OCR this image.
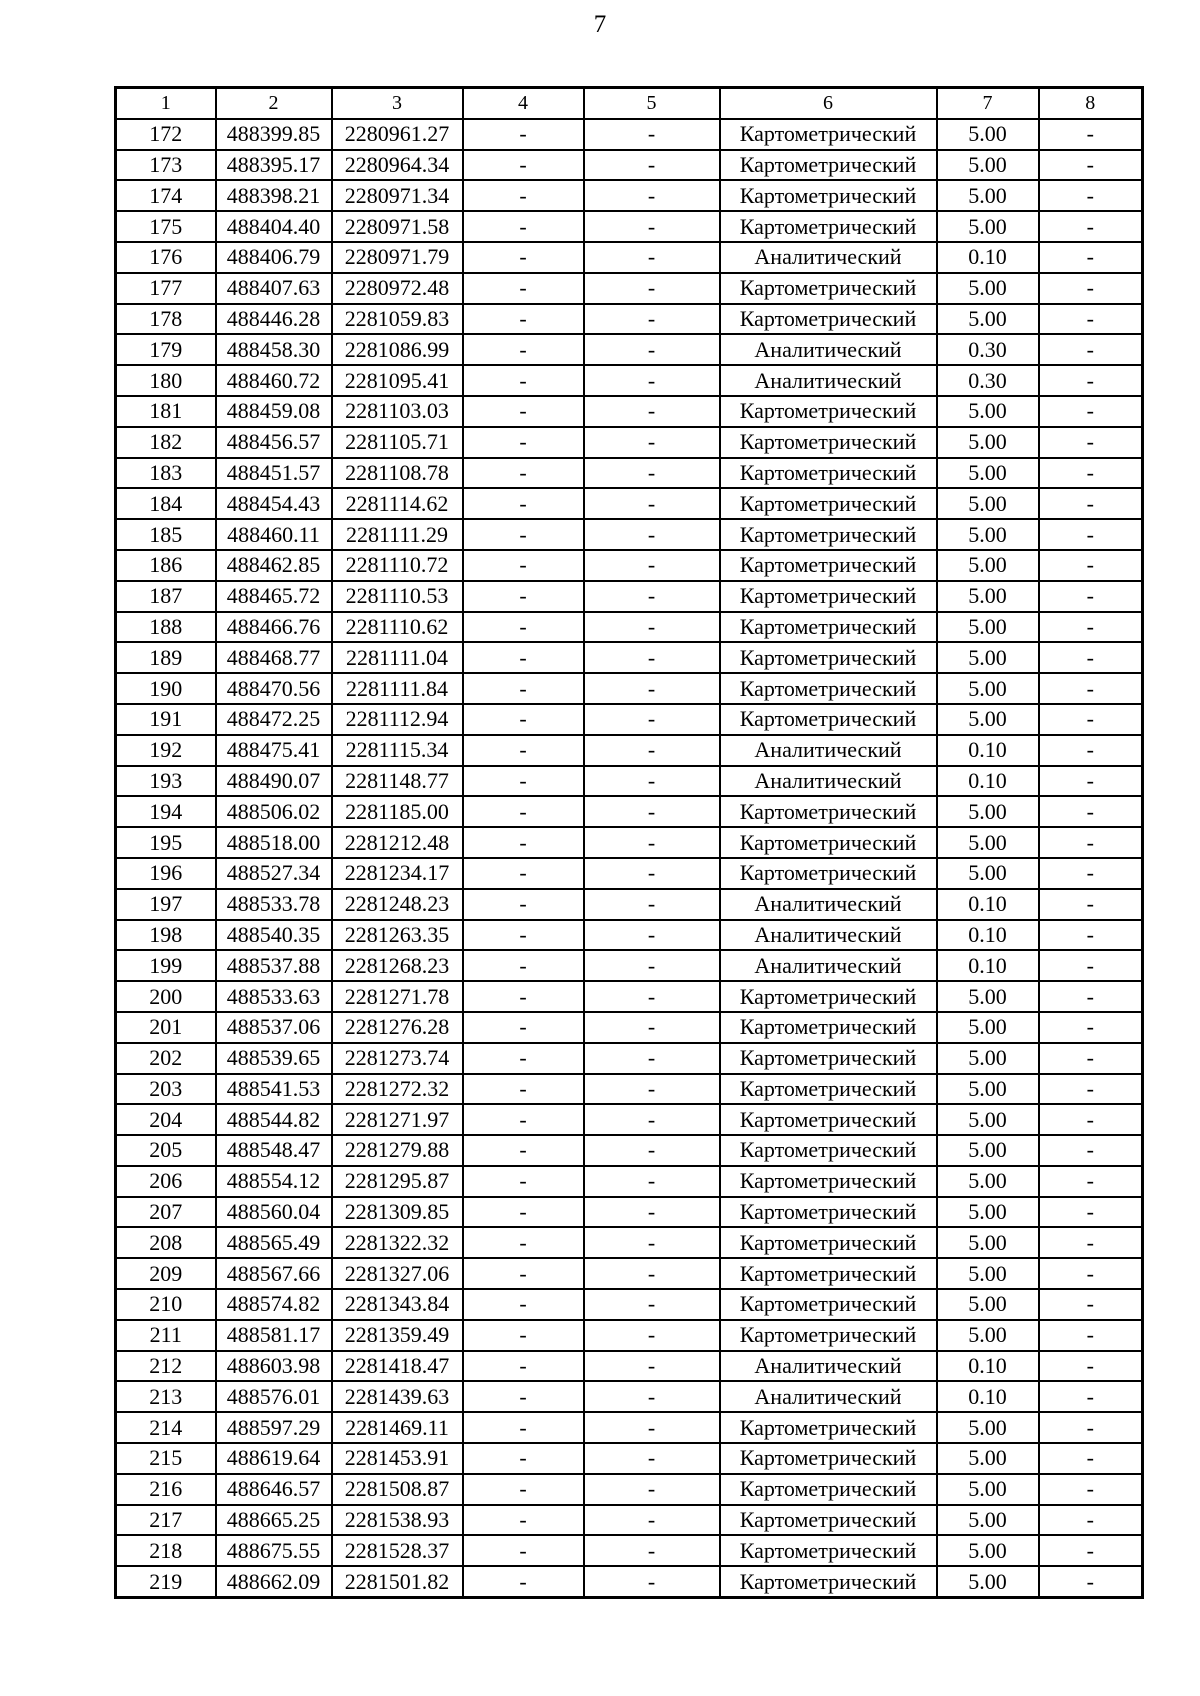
7
1	2	3	4	5	6	7	8
172	488399.85	2280961.27	-	-	Картометрический	5.00	-
173	488395.17	2280964.34	-	-	Картометрический	5.00	-
174	488398.21	2280971.34	-	-	Картометрический	5.00	-
175	488404.40	2280971.58	-	-	Картометрический	5.00	-
176	488406.79	2280971.79	-	-	Аналитический	0.10	-
177	488407.63	2280972.48	-	-	Картометрический	5.00	-
178	488446.28	2281059.83	-	-	Картометрический	5.00	-
179	488458.30	2281086.99	-	-	Аналитический	0.30	-
180	488460.72	2281095.41	-	-	Аналитический	0.30	-
181	488459.08	2281103.03	-	-	Картометрический	5.00	-
182	488456.57	2281105.71	-	-	Картометрический	5.00	-
183	488451.57	2281108.78	-	-	Картометрический	5.00	-
184	488454.43	2281114.62	-	-	Картометрический	5.00	-
185	488460.11	2281111.29	-	-	Картометрический	5.00	-
186	488462.85	2281110.72	-	-	Картометрический	5.00	-
187	488465.72	2281110.53	-	-	Картометрический	5.00	-
188	488466.76	2281110.62	-	-	Картометрический	5.00	-
189	488468.77	2281111.04	-	-	Картометрический	5.00	-
190	488470.56	2281111.84	-	-	Картометрический	5.00	-
191	488472.25	2281112.94	-	-	Картометрический	5.00	-
192	488475.41	2281115.34	-	-	Аналитический	0.10	-
193	488490.07	2281148.77	-	-	Аналитический	0.10	-
194	488506.02	2281185.00	-	-	Картометрический	5.00	-
195	488518.00	2281212.48	-	-	Картометрический	5.00	-
196	488527.34	2281234.17	-	-	Картометрический	5.00	-
197	488533.78	2281248.23	-	-	Аналитический	0.10	-
198	488540.35	2281263.35	-	-	Аналитический	0.10	-
199	488537.88	2281268.23	-	-	Аналитический	0.10	-
200	488533.63	2281271.78	-	-	Картометрический	5.00	-
201	488537.06	2281276.28	-	-	Картометрический	5.00	-
202	488539.65	2281273.74	-	-	Картометрический	5.00	-
203	488541.53	2281272.32	-	-	Картометрический	5.00	-
204	488544.82	2281271.97	-	-	Картометрический	5.00	-
205	488548.47	2281279.88	-	-	Картометрический	5.00	-
206	488554.12	2281295.87	-	-	Картометрический	5.00	-
207	488560.04	2281309.85	-	-	Картометрический	5.00	-
208	488565.49	2281322.32	-	-	Картометрический	5.00	-
209	488567.66	2281327.06	-	-	Картометрический	5.00	-
210	488574.82	2281343.84	-	-	Картометрический	5.00	-
211	488581.17	2281359.49	-	-	Картометрический	5.00	-
212	488603.98	2281418.47	-	-	Аналитический	0.10	-
213	488576.01	2281439.63	-	-	Аналитический	0.10	-
214	488597.29	2281469.11	-	-	Картометрический	5.00	-
215	488619.64	2281453.91	-	-	Картометрический	5.00	-
216	488646.57	2281508.87	-	-	Картометрический	5.00	-
217	488665.25	2281538.93	-	-	Картометрический	5.00	-
218	488675.55	2281528.37	-	-	Картометрический	5.00	-
219	488662.09	2281501.82	-	-	Картометрический	5.00	-
